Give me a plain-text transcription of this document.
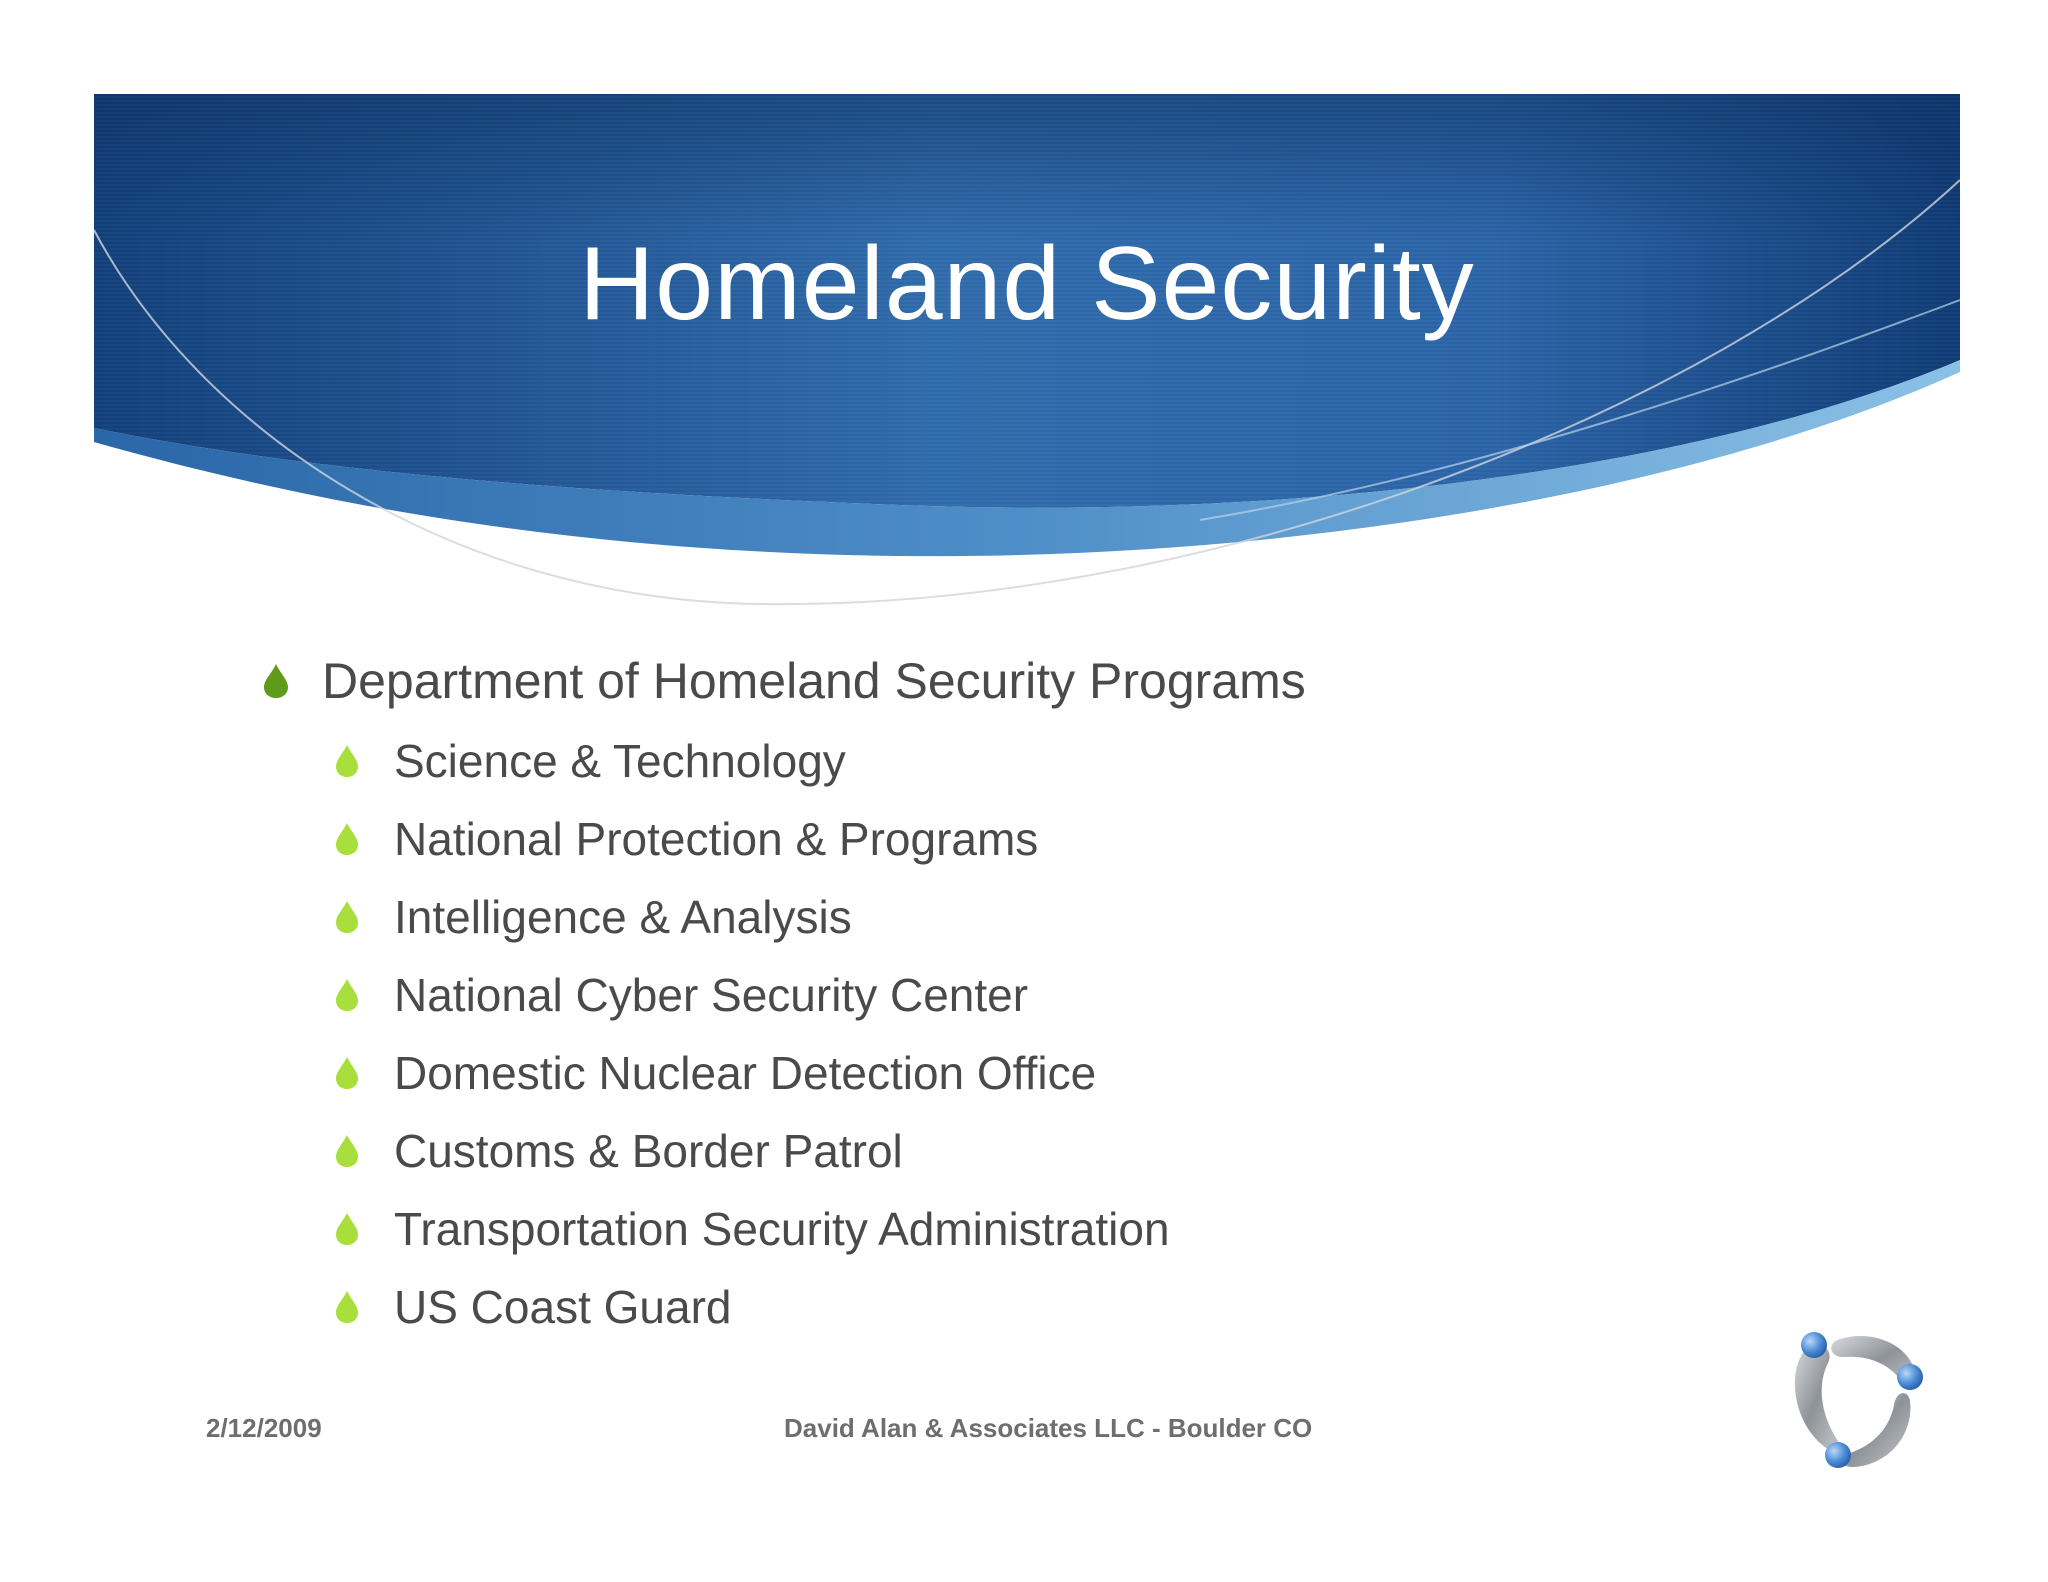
Homeland Security
Department of Homeland Security Programs
Science & Technology
National Protection & Programs
Intelligence & Analysis
National Cyber Security Center
Domestic Nuclear Detection Office
Customs & Border Patrol
Transportation Security Administration
US Coast Guard
2/12/2009	David Alan & Associates LLC - Boulder CO
